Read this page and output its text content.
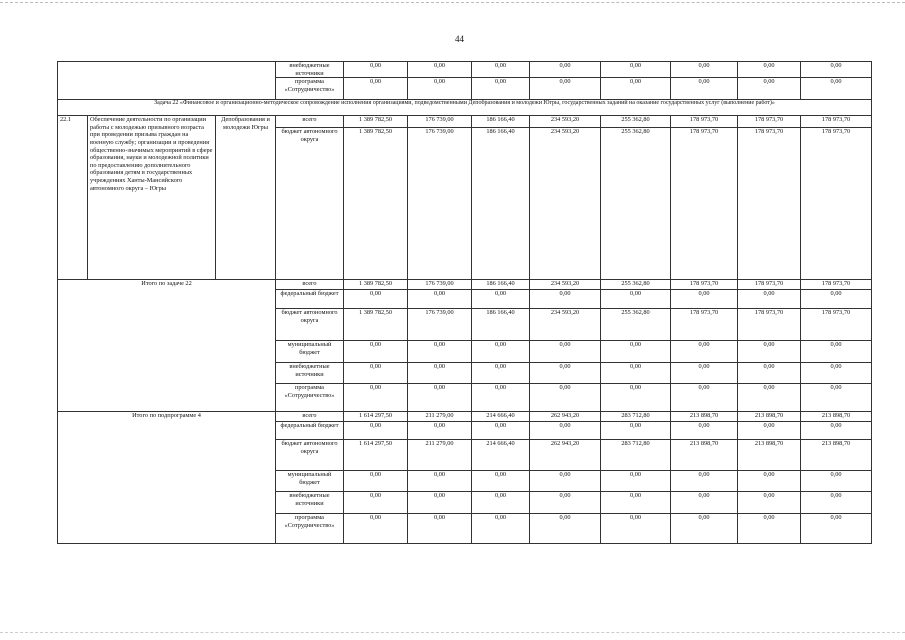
44
			внебюджетные источники	0,00	0,00	0,00	0,00	0,00	0,00	0,00	0,00
			программа «Сотрудничество»	0,00	0,00	0,00	0,00	0,00	0,00	0,00	0,00
Задача 22 «Финансовое и организационно-методическое сопровождение исполнения организациями, подведомственными Депобразования и молодежи Югры, государственных заданий на оказание государственных услуг (выполнение работ)»											
22.1	Обеспечение деятельности по организации работы с молодежью призывного возраста при проведении призыва граждан на военную службу; организации и проведения общественно-значимых мероприятий в сфере образования, науки и молодежной политики по предоставлению дополнительного образования детям в государственных учреждениях Ханты-Мансийского автономного округа – Югры	Депобразования и молодежи Югры	всего	1 389 782,50	176 739,00	186 166,40	234 593,20	255 362,80	178 973,70	178 973,70	178 973,70
			бюджет автономного округа	1 389 782,50	176 739,00	186 166,40	234 593,20	255 362,80	178 973,70	178 973,70	178 973,70
Итого по задаче 22			всего	1 389 782,50	176 739,00	186 166,40	234 593,20	255 362,80	178 973,70	178 973,70	178 973,70
			федеральный бюджет	0,00	0,00	0,00	0,00	0,00	0,00	0,00	0,00
			бюджет автономного округа	1 389 782,50	176 739,00	186 166,40	234 593,20	255 362,80	178 973,70	178 973,70	178 973,70
			муниципальный бюджет	0,00	0,00	0,00	0,00	0,00	0,00	0,00	0,00
			внебюджетные источники	0,00	0,00	0,00	0,00	0,00	0,00	0,00	0,00
			программа «Сотрудничество»	0,00	0,00	0,00	0,00	0,00	0,00	0,00	0,00
Итого по подпрограмме 4			всего	1 614 297,50	211 279,00	214 666,40	262 943,20	283 712,80	213 898,70	213 898,70	213 898,70
			федеральный бюджет	0,00	0,00	0,00	0,00	0,00	0,00	0,00	0,00
			бюджет автономного округа	1 614 297,50	211 279,00	214 666,40	262 943,20	283 712,80	213 898,70	213 898,70	213 898,70
			муниципальный бюджет	0,00	0,00	0,00	0,00	0,00	0,00	0,00	0,00
			внебюджетные источники	0,00	0,00	0,00	0,00	0,00	0,00	0,00	0,00
			программа «Сотрудничество»	0,00	0,00	0,00	0,00	0,00	0,00	0,00	0,00
